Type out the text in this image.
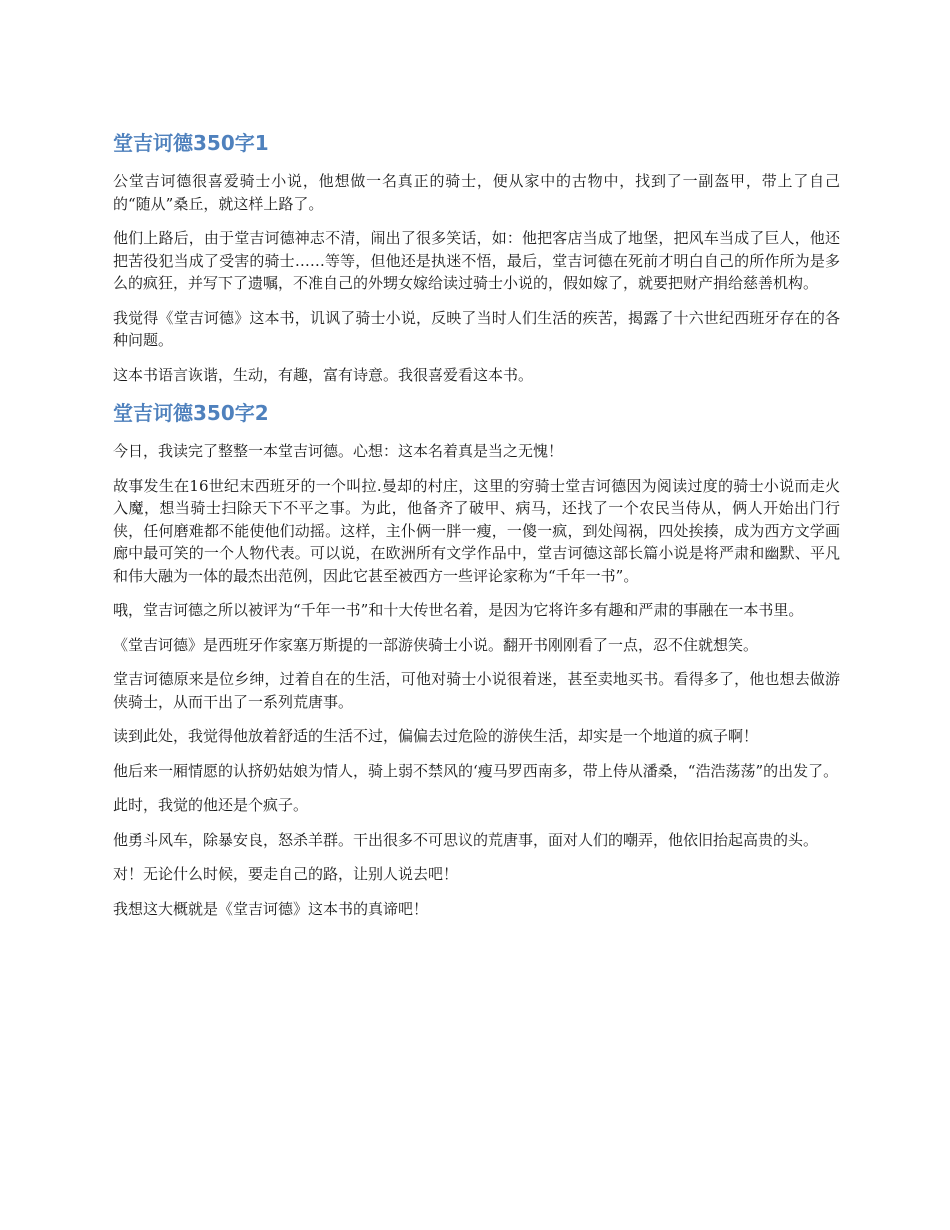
堂吉诃德350字1

公堂吉诃德很喜爱骑士小说，他想做一名真正的骑士，便从家中的古物中，找到了一副盔甲，带上了自己的“随从”桑丘，就这样上路了。

他们上路后，由于堂吉诃德神志不清，闹出了很多笑话，如：他把客店当成了地堡，把风车当成了巨人，他还把苦役犯当成了受害的骑士……等等，但他还是执迷不悟，最后，堂吉诃德在死前才明白自己的所作所为是多么的疯狂，并写下了遗嘱，不准自己的外甥女嫁给读过骑士小说的，假如嫁了，就要把财产捐给慈善机构。

我觉得《堂吉诃德》这本书，讥讽了骑士小说，反映了当时人们生活的疾苦，揭露了十六世纪西班牙存在的各种问题。

这本书语言诙谐，生动，有趣，富有诗意。我很喜爱看这本书。

堂吉诃德350字2

今日，我读完了整整一本堂吉诃德。心想：这本名着真是当之无愧！

故事发生在16世纪末西班牙的一个叫拉.曼却的村庄，这里的穷骑士堂吉诃德因为阅读过度的骑士小说而走火入魔，想当骑士扫除天下不平之事。为此，他备齐了破甲、病马，还找了一个农民当侍从，俩人开始出门行侠，任何磨难都不能使他们动摇。这样，主仆俩一胖一瘦，一傻一疯，到处闯祸，四处挨揍，成为西方文学画廊中最可笑的一个人物代表。可以说，在欧洲所有文学作品中，堂吉诃德这部长篇小说是将严肃和幽默、平凡和伟大融为一体的最杰出范例，因此它甚至被西方一些评论家称为“千年一书”。

哦，堂吉诃德之所以被评为“千年一书”和十大传世名着，是因为它将许多有趣和严肃的事融在一本书里。

《堂吉诃德》是西班牙作家塞万斯提的一部游侠骑士小说。翻开书刚刚看了一点，忍不住就想笑。

堂吉诃德原来是位乡绅，过着自在的生活，可他对骑士小说很着迷，甚至卖地买书。看得多了，他也想去做游侠骑士，从而干出了一系列荒唐事。

读到此处，我觉得他放着舒适的生活不过，偏偏去过危险的游侠生活，却实是一个地道的疯子啊！

他后来一厢情愿的认挤奶姑娘为情人，骑上弱不禁风的‘瘦马罗西南多，带上侍从潘桑，“浩浩荡荡”的出发了。

此时，我觉的他还是个疯子。

他勇斗风车，除暴安良，怒杀羊群。干出很多不可思议的荒唐事，面对人们的嘲弄，他依旧抬起高贵的头。

对！无论什么时候，要走自己的路，让别人说去吧！

我想这大概就是《堂吉诃德》这本书的真谛吧！
